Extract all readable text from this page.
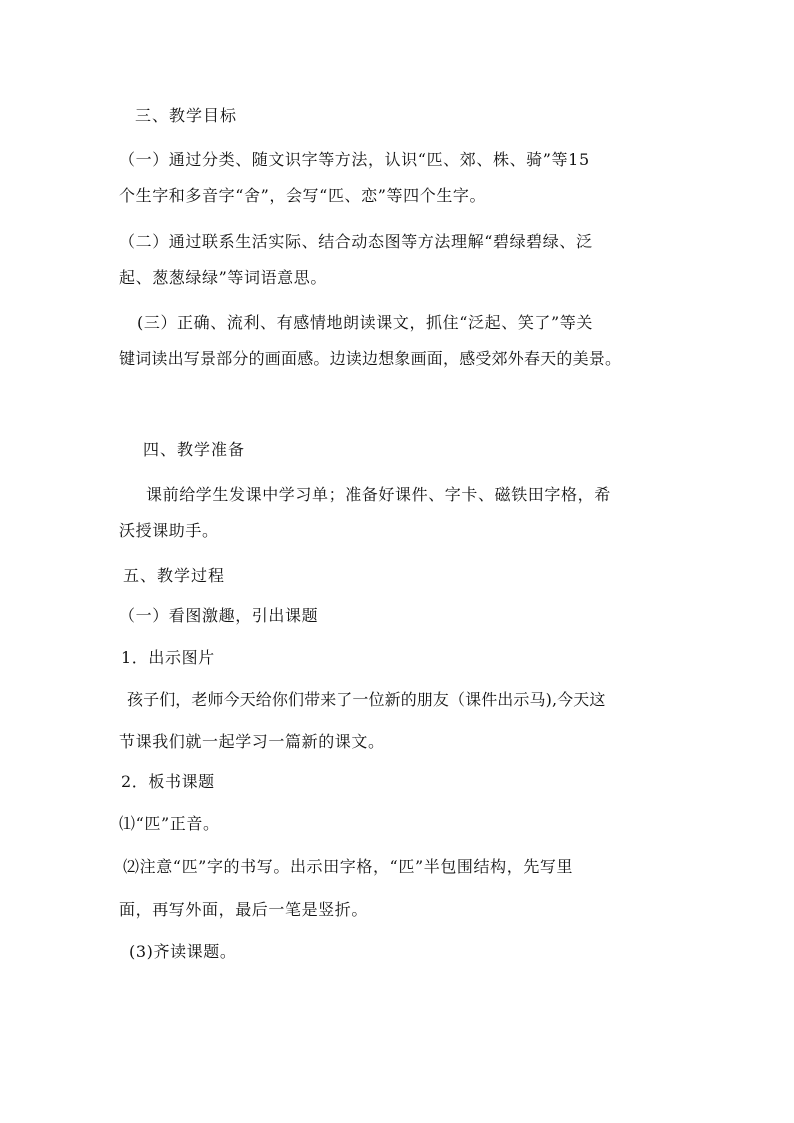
三、教学目标
（一）通过分类、随文识字等方法，认识“匹、郊、株、骑”等15
个生字和多音字“舍”，会写“匹、恋”等四个生字。
（二）通过联系生活实际、结合动态图等方法理解“碧绿碧绿、泛
起、葱葱绿绿”等词语意思。
(三）正确、流利、有感情地朗读课文，抓住“泛起、笑了”等关
键词读出写景部分的画面感。边读边想象画面，感受郊外春天的美景。
四、教学准备
课前给学生发课中学习单；准备好课件、字卡、磁铁田字格，希
沃授课助手。
五、教学过程
（一）看图激趣，引出课题
1．出示图片
孩子们，老师今天给你们带来了一位新的朋友（课件出示马),今天这
节课我们就一起学习一篇新的课文。
2．板书课题
⑴“匹”正音。
⑵注意“匹”字的书写。出示田字格，“匹”半包围结构，先写里
面，再写外面，最后一笔是竖折。
(3)齐读课题。
